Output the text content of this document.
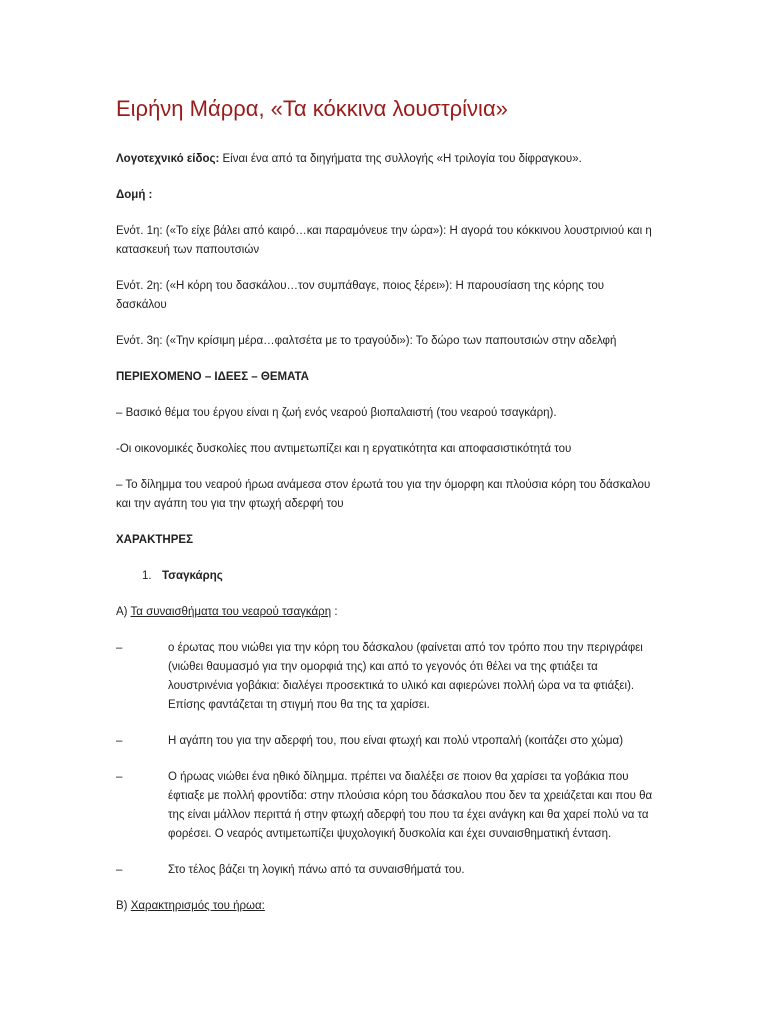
Ειρήνη Μάρρα, «Τα κόκκινα λουστρίνια»
Λογοτεχνικό είδος: Είναι ένα από τα διηγήματα της συλλογής «Η τριλογία του δίφραγκου».
Δομή :
Ενότ. 1η: («Το είχε βάλει από καιρό…και παραμόνευε την ώρα»): Η αγορά του κόκκινου λουστρινιού και η κατασκευή των παπουτσιών
Ενότ. 2η: («Η κόρη του δασκάλου…τον συμπάθαγε, ποιος ξέρει»): Η παρουσίαση της κόρης του δασκάλου
Ενότ. 3η: («Την κρίσιμη μέρα…φαλτσέτα με το τραγούδι»): Το δώρο των παπουτσιών στην αδελφή
ΠΕΡΙΕΧΟΜΕΝΟ – ΙΔΕΕΣ – ΘΕΜΑΤΑ
– Βασικό θέμα του έργου είναι η ζωή ενός νεαρού βιοπαλαιστή (του νεαρού τσαγκάρη).
-Οι οικονομικές δυσκολίες που αντιμετωπίζει και η εργατικότητα και αποφασιστικότητά του
– Το δίλημμα του νεαρού ήρωα ανάμεσα στον έρωτά του για την όμορφη και πλούσια κόρη του δάσκαλου και την αγάπη του για την φτωχή αδερφή του
ΧΑΡΑΚΤΗΡΕΣ
1. Τσαγκάρης
Α) Τα συναισθήματα του νεαρού τσαγκάρη :
–	ο έρωτας που νιώθει για την κόρη του δάσκαλου (φαίνεται από τον τρόπο που την περιγράφει (νιώθει θαυμασμό για την ομορφιά της) και από το γεγονός ότι θέλει να της φτιάξει τα λουστρινένια γοβάκια: διαλέγει προσεκτικά το υλικό και αφιερώνει πολλή ώρα να τα φτιάξει). Επίσης φαντάζεται τη στιγμή που θα της τα χαρίσει.
–	Η αγάπη του για την αδερφή του, που είναι φτωχή και πολύ ντροπαλή (κοιτάζει στο χώμα)
–	Ο ήρωας νιώθει ένα ηθικό δίλημμα. πρέπει να διαλέξει σε ποιον θα χαρίσει τα γοβάκια που έφτιαξε με πολλή φροντίδα: στην πλούσια κόρη του δάσκαλου που δεν τα χρειάζεται και που θα της είναι μάλλον περιττά ή στην φτωχή αδερφή του που τα έχει ανάγκη και θα χαρεί πολύ να τα φορέσει. Ο νεαρός αντιμετωπίζει ψυχολογική δυσκολία και έχει συναισθηματική ένταση.
–	Στο τέλος βάζει τη λογική πάνω από τα συναισθήματά του.
Β) Χαρακτηρισμός του ήρωα:
